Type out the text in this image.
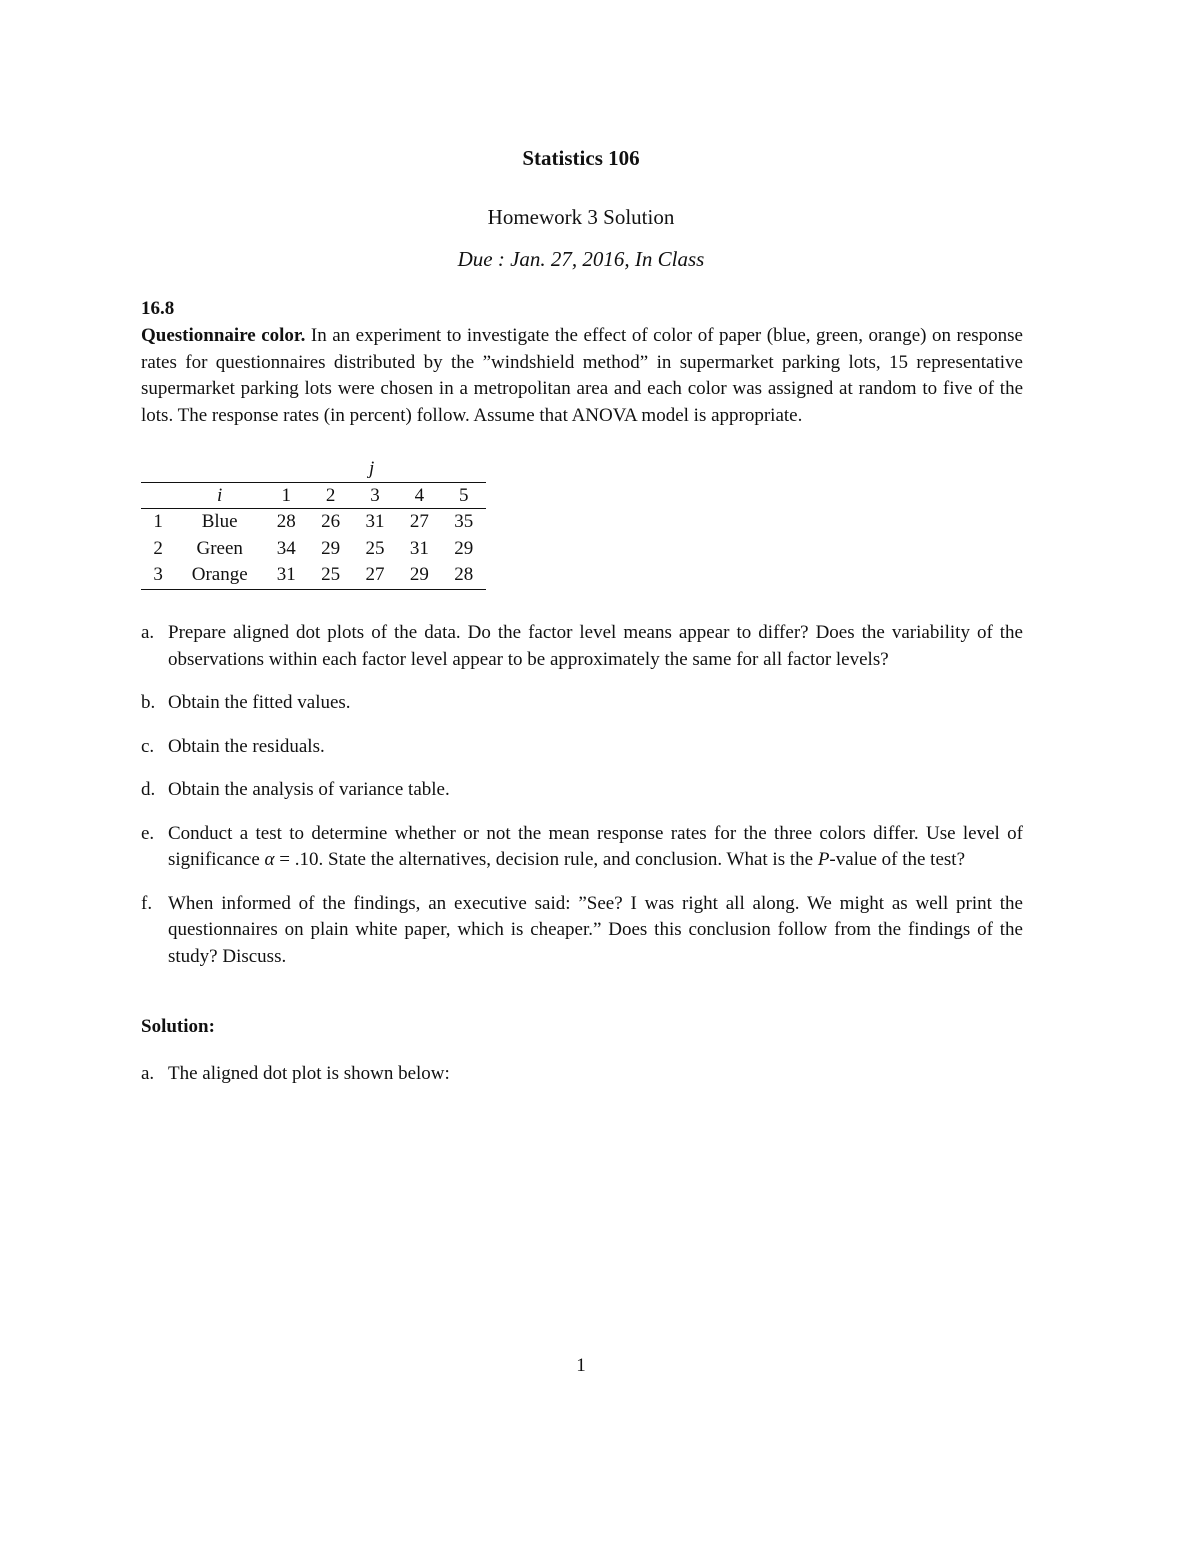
Statistics 106
Homework 3 Solution
Due : Jan. 27, 2016, In Class
16.8
Questionnaire color. In an experiment to investigate the effect of color of paper (blue, green, orange) on response rates for questionnaires distributed by the ”windshield method” in supermarket parking lots, 15 representative supermarket parking lots were chosen in a metropolitan area and each color was assigned at random to five of the lots. The response rates (in percent) follow. Assume that ANOVA model is appropriate.
j
	i	1	2	3	4	5
1	Blue	28	26	31	27	35
2	Green	34	29	25	31	29
3	Orange	31	25	27	29	28
a. Prepare aligned dot plots of the data. Do the factor level means appear to differ? Does the variability of the observations within each factor level appear to be approximately the same for all factor levels?
b. Obtain the fitted values.
c. Obtain the residuals.
d. Obtain the analysis of variance table.
e. Conduct a test to determine whether or not the mean response rates for the three colors differ. Use level of significance α = .10. State the alternatives, decision rule, and conclusion. What is the P-value of the test?
f. When informed of the findings, an executive said: ”See? I was right all along. We might as well print the questionnaires on plain white paper, which is cheaper.” Does this conclusion follow from the findings of the study? Discuss.
Solution:
a. The aligned dot plot is shown below:
1
